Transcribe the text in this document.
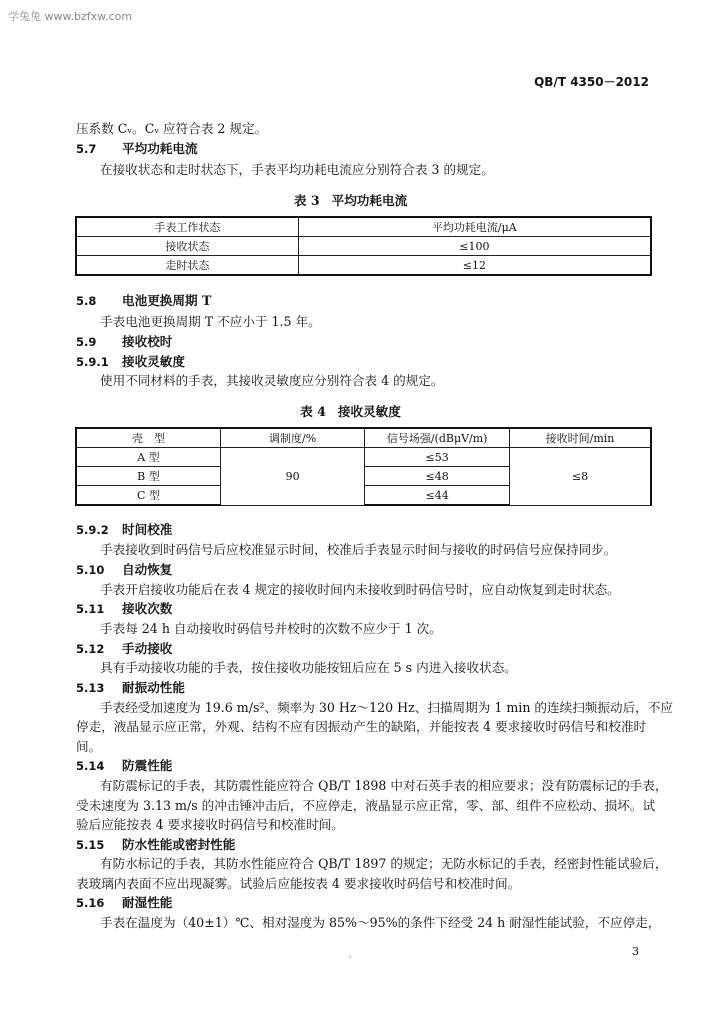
学兔兔 www.bzfxw.com
QB/T 4350－2012
压系数 Cᵥ。Cᵥ 应符合表 2 规定。
5.7 平均功耗电流
在接收状态和走时状态下，手表平均功耗电流应分别符合表 3 的规定。
表 3 平均功耗电流
手表工作状态	平均功耗电流/μA
接收状态	≤100
走时状态	≤12
5.8 电池更换周期 T
手表电池更换周期 T 不应小于 1.5 年。
5.9 接收校时
5.9.1 接收灵敏度
使用不同材料的手表，其接收灵敏度应分别符合表 4 的规定。
表 4 接收灵敏度
壳　型	调制度/%	信号场强/(dBμV/m)	接收时间/min
A 型	90	≤53	≤8
B 型		≤48	
C 型		≤44	
5.9.2 时间校准
手表接收到时码信号后应校准显示时间，校准后手表显示时间与接收的时码信号应保持同步。
5.10 自动恢复
手表开启接收功能后在表 4 规定的接收时间内未接收到时码信号时，应自动恢复到走时状态。
5.11 接收次数
手表每 24 h 自动接收时码信号并校时的次数不应少于 1 次。
5.12 手动接收
具有手动接收功能的手表，按住接收功能按钮后应在 5 s 内进入接收状态。
5.13 耐振动性能
手表经受加速度为 19.6 m/s²、频率为 30 Hz～120 Hz、扫描周期为 1 min 的连续扫频振动后，不应
停走，液晶显示应正常，外观、结构不应有因振动产生的缺陷，并能按表 4 要求接收时码信号和校准时
间。
5.14 防震性能
有防震标记的手表，其防震性能应符合 QB/T 1898 中对石英手表的相应要求；没有防震标记的手表，
受未速度为 3.13 m/s 的冲击锤冲击后，不应停走，液晶显示应正常，零、部、组件不应松动、损坏。试
验后应能按表 4 要求接收时码信号和校准时间。
5.15 防水性能或密封性能
有防水标记的手表，其防水性能应符合 QB/T 1897 的规定；无防水标记的手表，经密封性能试验后，
表玻璃内表面不应出现凝雾。试验后应能按表 4 要求接收时码信号和校准时间。
5.16 耐湿性能
手表在温度为（40±1）℃、相对湿度为 85%～95%的条件下经受 24 h 耐湿性能试验，不应停走，
·	3
